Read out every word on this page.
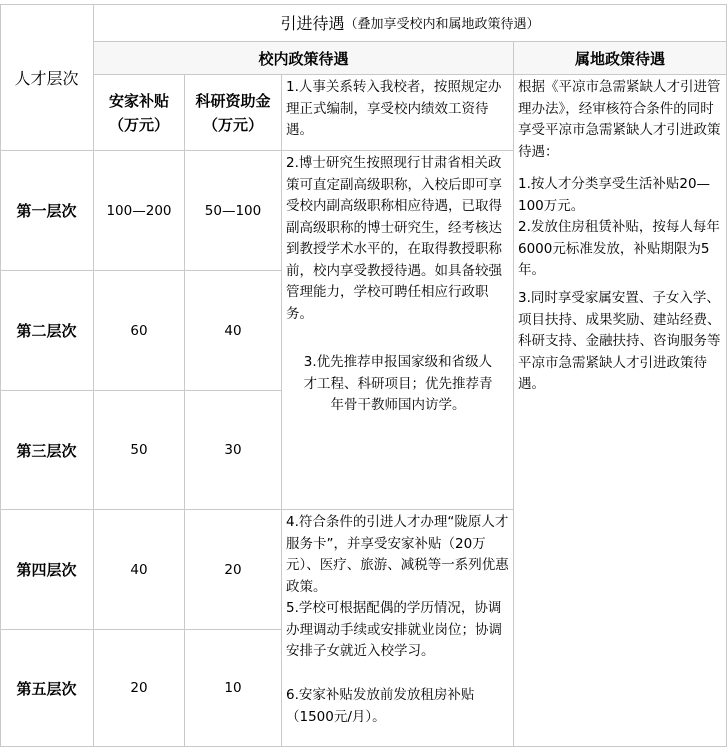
人才层次
引进待遇 （叠加享受校内和属地政策待遇）
校内政策待遇	属地政策待遇
安家补贴
（万元）
科研资助金
（万元）
第一层次 100—200 50—100
第二层次	60	40
第三层次	50	30
第四层次	40	20
第五层次	20	10

1.人事关系转入我校者，按照规定办理正式编制，享受校内绩效工资待遇。

2.博士研究生按照现行甘肃省相关政策可直定副高级职称，入校后即可享受校内副高级职称相应待遇，已取得副高级职称的博士研究生，经考核达到教授学术水平的，在取得教授职称前，校内享受教授待遇。如具备较强管理能力，学校可聘任相应行政职务。

3.优先推荐申报国家级和省级人
才工程、科研项目；优先推荐青
年骨干教师国内访学。

4.符合条件的引进人才办理“陇原人才服务卡”，并享受安家补贴（20万元）、医疗、旅游、减税等一系列优惠政策。

5.学校可根据配偶的学历情况，协调办理调动手续或安排就业岗位；协调安排子女就近入校学习。

6.安家补贴发放前发放租房补贴（1500元/月）。

根据《平凉市急需紧缺人才引进管理办法》，经审核符合条件的同时享受平凉市急需紧缺人才引进政策待遇：

1.按人才分类享受生活补贴20—100万元。

2.发放住房租赁补贴，按每人每年6000元标准发放，补贴期限为5年。

3.同时享受家属安置、子女入学、项目扶持、成果奖励、建站经费、科研支持、金融扶持、咨询服务等平凉市急需紧缺人才引进政策待遇。
